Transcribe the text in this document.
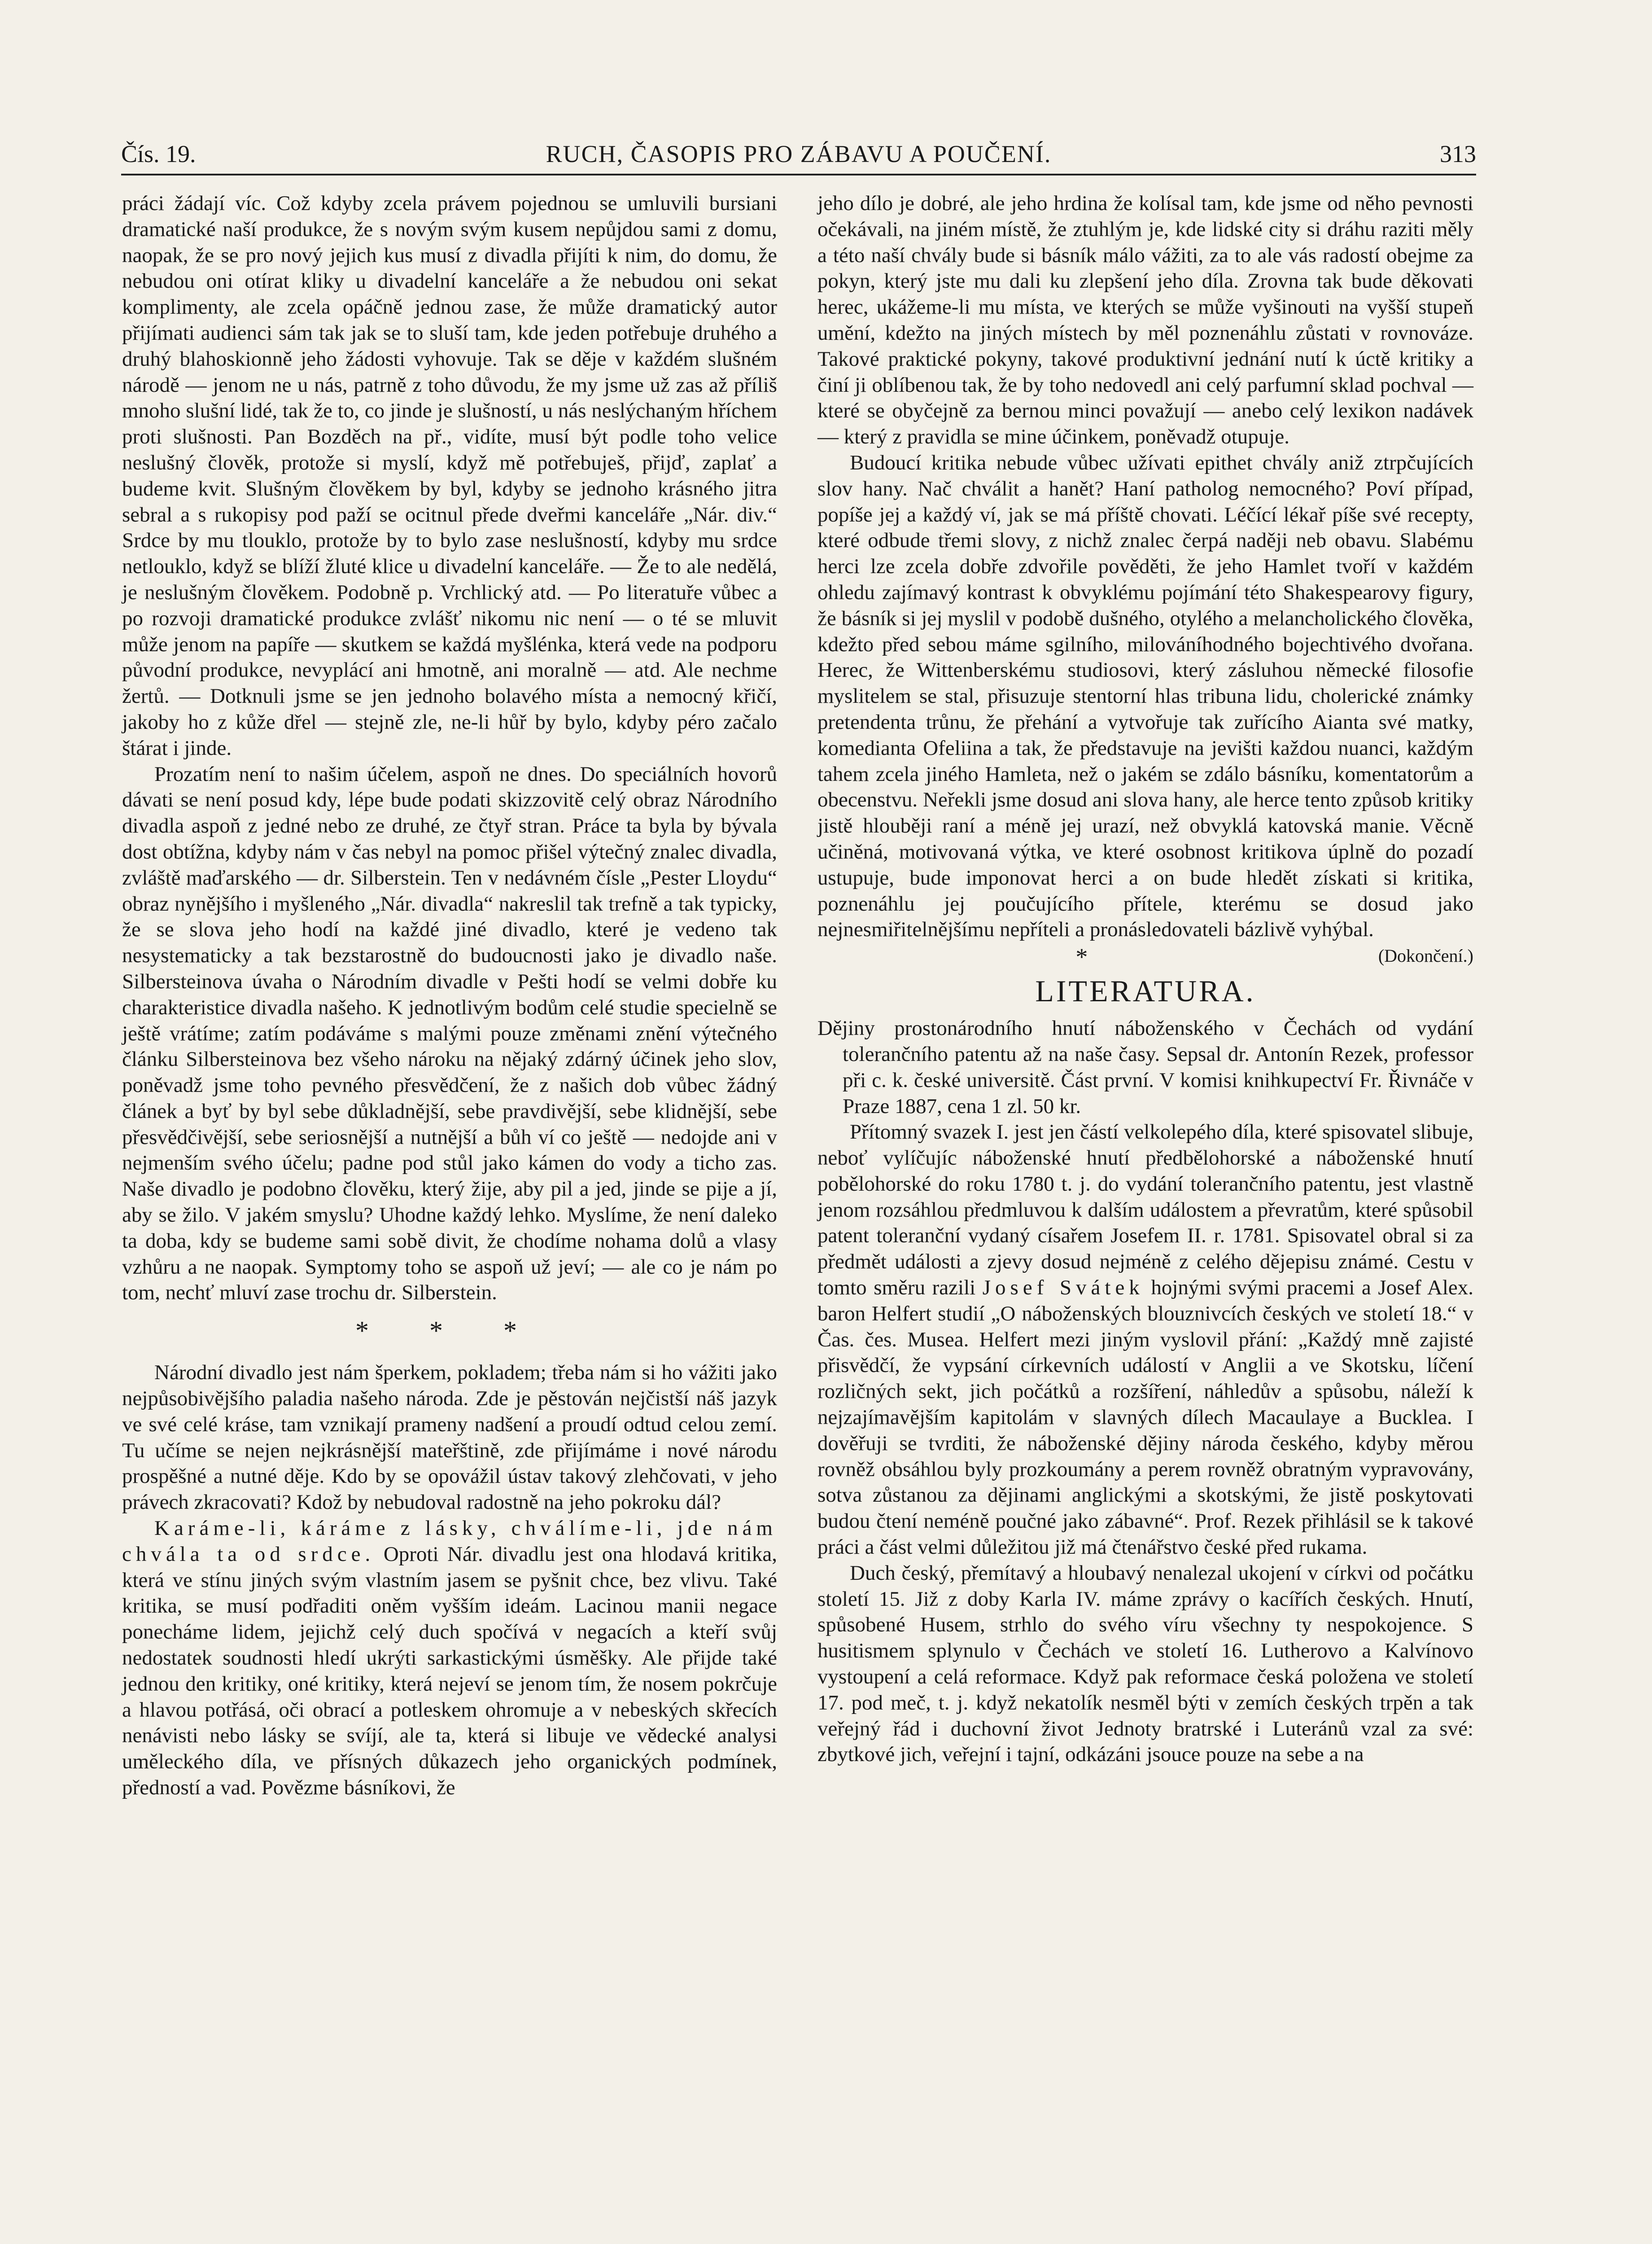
Čís. 19.	RUCH, ČASOPIS PRO ZÁBAVU A POUČENÍ.	313

práci žádají víc. Což kdyby zcela právem pojednou se umluvili bursiani dramatické naší produkce, že s novým svým kusem nepůjdou sami z domu, naopak, že se pro nový jejich kus musí z divadla přijíti k nim, do domu, že nebudou oni otírat kliky u divadelní kanceláře a že nebudou oni sekat komplimenty, ale zcela opáčně jednou zase, že může dramatický autor přijímati audienci sám tak jak se to sluší tam, kde jeden potřebuje druhého a druhý blahoskionně jeho žádosti vyhovuje. Tak se děje v každém slušném národě — jenom ne u nás, patrně z toho důvodu, že my jsme už zas až příliš mnoho slušní lidé, tak že to, co jinde je slušností, u nás neslýchaným hříchem proti slušnosti. Pan Bozděch na př., vidíte, musí být podle toho velice neslušný člověk, protože si myslí, když mě potřebuješ, přijď, zaplať a budeme kvit. Slušným člověkem by byl, kdyby se jednoho krásného jitra sebral a s rukopisy pod paží se ocitnul předе dveřmi kanceláře „Nár. div.“ Srdce by mu tlouklo, protože by to bylo zase neslušností, kdyby mu srdce netlouklo, když se blíží žluté klice u divadelní kanceláře. — Že to ale nedělá, je neslušným člověkem. Podobně p. Vrchlický atd. — Po literatuře vůbec a po rozvoji dramatické produkce zvlášť nikomu nic není — o té se mluvit může jenom na papíře — skutkem se každá myšlénka, která vede na podporu původní produkce, nevyplácí ani hmotně, ani moralně — atd. Ale nechme žertů. — Dotknuli jsme se jen jednoho bolavého místa a nemocný křičí, jakoby ho z kůže dřel — stejně zle, ne-li hůř by bylo, kdyby péro začalo štárat i jinde.

Prozatím není to našim účelem, aspoň ne dnes. Do speciálních hovorů dávati se není posud kdy, lépe bude podati skizzovitě celý obraz Národního divadla aspoň z jedné nebo ze druhé, ze čtyř stran. Práce ta byla by bývala dost obtížna, kdyby nám v čas nebyl na pomoc přišel výtečný znalec divadla, zvláště maďarského — dr. Silberstein. Ten v nedávném čísle „Pester Lloydu“ obraz nynějšího i myšleného „Nár. divadla“ nakreslil tak trefně a tak typicky, že se slova jeho hodí na každé jiné divadlo, které je vedeno tak nesystematicky a tak bezstarostně do budoucnosti jako je divadlo naše. Silbersteinova úvaha o Národním divadle v Pešti hodí se velmi dobře ku charakteristice divadla našeho. K jednotlivým bodům celé studie specielně se ještě vrátíme; zatím podáváme s malými pouze změnami znění výtečného článku Silbersteinova bez všeho nároku na nějaký zdárný účinek jeho slov, poněvadž jsme toho pevného přesvědčení, že z našich dob vůbec žádný článek a byť by byl sebe důkladnější, sebe pravdivější, sebe klidnější, sebe přesvědčivější, sebe seriosnější a nutnější a bůh ví co ještě — nedojde ani v nejmenším svého účelu; padne pod stůl jako kámen do vody a ticho zas. Naše divadlo je podobno člověku, který žije, aby pil a jed, jinde se pije a jí, aby se žilo. V jakém smyslu? Uhodne každý lehko. Myslíme, že není daleko ta doba, kdy se budeme sami sobě divit, že chodíme nohama dolů a vlasy vzhůru a ne naopak. Symptomy toho se aspoň už jeví; — ale co je nám po tom, nechť mluví zase trochu dr. Silberstein.

* * *

Národní divadlo jest nám šperkem, pokladem; třeba nám si ho vážiti jako nejpůsobivějšího paladia našeho národa. Zde je pěstován nejčistší náš jazyk ve své celé kráse, tam vznikají prameny nadšení a proudí odtud celou zemí. Tu učíme se nejen nejkrásnější mateřštině, zde přijímáme i nové národu prospěšné a nutné děje. Kdo by se opovážil ústav takový zlehčovati, v jeho právech zkracovati? Kdož by nebudoval radostně na jeho pokroku dál?

Karáme-li, káráme z lásky, chválíme-li, jde nám chvála ta od srdce. Oproti Nár. divadlu jest ona hlodavá kritika, která ve stínu jiných svým vlastním jasem se pyšnit chce, bez vlivu. Také kritika, se musí podřaditi oněm vyšším ideám. Lacinou manii negace ponecháme lidem, jejichž celý duch spočívá v negacích a kteří svůj nedostatek soudnosti hledí ukrýti sarkastickými úsměšky. Ale přijde také jednou den kritiky, oné kritiky, která nejeví se jenom tím, že nosem pokrčuje a hlavou potřásá, oči obrací a potleskem ohromuje a v nebeských skřecích nenávisti nebo lásky se svíjí, ale ta, která si libuje ve vědecké analysi uměleckého díla, ve přísných důkazech jeho organických podmínek, předností a vad. Povězme básníkovi, že

jeho dílo je dobré, ale jeho hrdina že kolísal tam, kde jsme od něho pevnosti očekávali, na jiném místě, že ztuhlým je, kde lidské city si dráhu raziti měly a této naší chvály bude si básník málo vážiti, za to ale vás radostí obejme za pokyn, který jste mu dali ku zlepšení jeho díla. Zrovna tak bude děkovati herec, ukážeme-li mu místa, ve kterých se může vyšinouti na vyšší stupeň umění, kdežto na jiných místech by měl poznenáhlu zůstati v rovnováze. Takové praktické pokyny, takové produktivní jednání nutí k úctě kritiky a činí ji oblíbenou tak, že by toho nedovedl ani celý parfumní sklad pochval — které se obyčejně za bernou minci považují — anebo celý lexikon nadávek — který z pravidla se mine účinkem, poněvadž otupuje.

Budoucí kritika nebude vůbec užívati epithet chvály aniž ztrpčujících slov hany. Nač chválit a hanět? Haní patholog nemocného? Poví případ, popíše jej a každý ví, jak se má příště chovati. Léčící lékař píše své recepty, které odbude třemi slovy, z nichž znalec čerpá naději neb obavu. Slabému herci lze zcela dobře zdvořile pověděti, že jeho Hamlet tvoří v každém ohledu zajímavý kontrast k obvyklému pojímání této Shakespearovy figury, že básník si jej myslil v podobě dušného, otylého a melancholického člověka, kdežto před sebou máme sgilního, milováníhodného bojechtivého dvořana. Herec, že Wittenberskému studiosovi, který zásluhou německé filosofie myslitelem se stal, přisuzuje stentorní hlas tribuna lidu, cholerické známky pretendenta trůnu, že přehání a vytvořuje tak zuřícího Aianta své matky, komedianta Ofeliina a tak, že představuje na jevišti každou nuanci, každým tahem zcela jiného Hamleta, než o jakém se zdálo básníku, komentatorům a obecenstvu. Neřekli jsme dosud ani slova hany, ale herce tento způsob kritiky jistě hlouběji raní a méně jej urazí, než obvyklá katovská manie. Věcně učiněná, motivovaná výtka, ve které osobnost kritikova úplně do pozadí ustupuje, bude imponovat herci a on bude hledět získati si kritika, poznenáhlu jej poučujícího přítele, kterému se dosud jako nejnesmiřitelnějšímu nepříteli a pronásledovateli bázlivě vyhýbal.
(Dokončení.)

*
LITERATURA.

Dějiny prostonárodního hnutí náboženského v Čechách od vydání tolerančního patentu až na naše časy. Sepsal dr. Antonín Rezek, professor při c. k. české universitě. Část první. V komisi knihkupectví Fr. Řivnáče v Praze 1887, cena 1 zl. 50 kr.

Přítomný svazek I. jest jen částí velkolepého díla, které spisovatel slibuje, neboť vylíčujíc náboženské hnutí předbělohorské a náboženské hnutí pobělohorské do roku 1780 t. j. do vydání tolerančního patentu, jest vlastně jenom rozsáhlou předmluvou k dalším událostem a převratům, které spůsobil patent toleranční vydaný císařem Josefem II. r. 1781. Spisovatel obral si za předmět události a zjevy dosud nejméně z celého dějepisu známé. Cestu v tomto směru razili Josef Svátek hojnými svými pracemi a Josef Alex. baron Helfert studií „O náboženských blouznivcích českých ve století 18.“ v Čas. čes. Musea. Helfert mezi jiným vyslovil přání: „Každý mně zajisté přisvědčí, že vypsání církevních událostí v Anglii a ve Skotsku, líčení rozličných sekt, jich počátků a rozšíření, náhledův a spůsobu, náleží k nejzajímavějším kapitolám v slavných dílech Macaulaye a Bucklea. I dověřuji se tvrditi, že náboženské dějiny národa českého, kdyby měrou rovněž obsáhlou byly prozkoumány a perem rovněž obratným vypravovány, sotva zůstanou za dějinami anglickými a skotskými, že jistě poskytovati budou čtení neméně poučné jako zábavné“. Prof. Rezek přihlásil se k takové práci a část velmi důležitou již má čtenářstvo české před rukama.

Duch český, přemítavý a hloubavý nenalezal ukojení v církvi od počátku století 15. Již z doby Karla IV. máme zprávy o kacířích českých. Hnutí, spůsobené Husem, strhlo do svého víru všechny ty nespokojence. S husitismem splynulo v Čechách ve století 16. Lutherovo a Kalvínovo vystoupení a celá reformace. Když pak reformace česká položena ve století 17. pod meč, t. j. když nekatolík nesměl býti v zemích českých trpěn a tak veřejný řád i duchovní život Jednoty bratrské i Luteránů vzal za své: zbytkové jich, veřejní i tajní, odkázáni jsouce pouze na sebe a na
